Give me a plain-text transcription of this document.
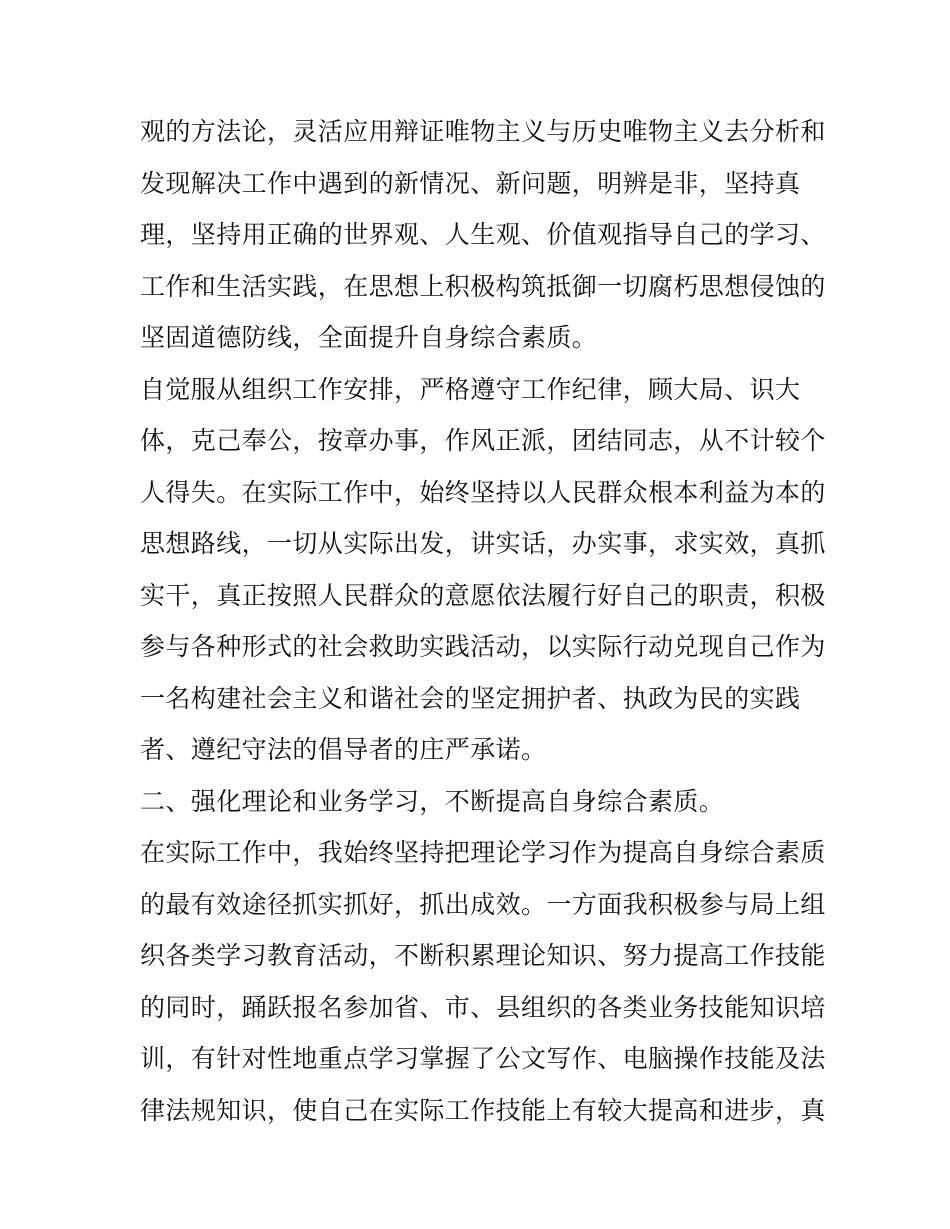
观的方法论，灵活应用辩证唯物主义与历史唯物主义去分析和
发现解决工作中遇到的新情况、新问题，明辨是非，坚持真
理，坚持用正确的世界观、人生观、价值观指导自己的学习、
工作和生活实践，在思想上积极构筑抵御一切腐朽思想侵蚀的
坚固道德防线，全面提升自身综合素质。
自觉服从组织工作安排，严格遵守工作纪律，顾大局、识大
体，克己奉公，按章办事，作风正派，团结同志，从不计较个
人得失。在实际工作中，始终坚持以人民群众根本利益为本的
思想路线，一切从实际出发，讲实话，办实事，求实效，真抓
实干，真正按照人民群众的意愿依法履行好自己的职责，积极
参与各种形式的社会救助实践活动，以实际行动兑现自己作为
一名构建社会主义和谐社会的坚定拥护者、执政为民的实践
者、遵纪守法的倡导者的庄严承诺。
二、强化理论和业务学习，不断提高自身综合素质。
在实际工作中，我始终坚持把理论学习作为提高自身综合素质
的最有效途径抓实抓好，抓出成效。一方面我积极参与局上组
织各类学习教育活动，不断积累理论知识、努力提高工作技能
的同时，踊跃报名参加省、市、县组织的各类业务技能知识培
训，有针对性地重点学习掌握了公文写作、电脑操作技能及法
律法规知识，使自己在实际工作技能上有较大提高和进步，真
